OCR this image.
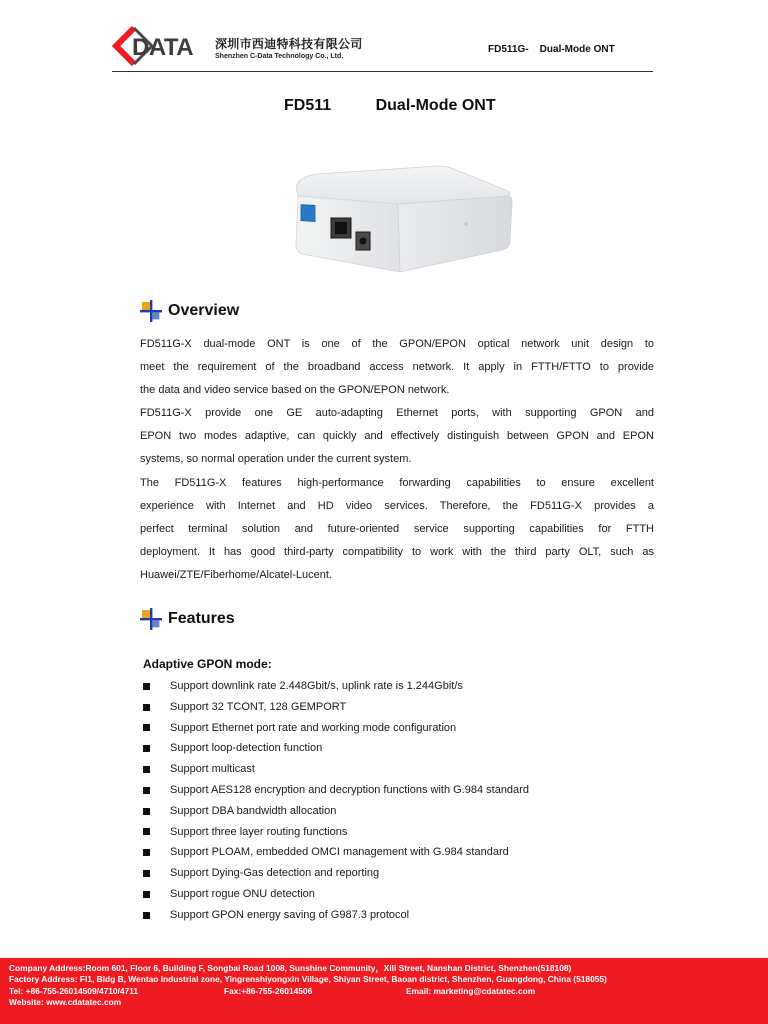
DATA 深圳市西迪特科技有限公司
Shenzhen C-Data Technology Co., Ltd.
FD511G-    Dual-Mode ONT
FD511          Dual-Mode ONT
Overview
FD511G-X dual-mode ONT is one of the GPON/EPON optical network unit design to
meet the requirement of the broadband access network. It apply in FTTH/FTTO to provide
the data and video service based on the GPON/EPON network.
FD511G-X provide one GE auto-adapting Ethernet ports, with supporting GPON and
EPON two modes adaptive, can quickly and effectively distinguish between GPON and EPON
systems, so normal operation under the current system.
The FD511G-X features high-performance forwarding capabilities to ensure excellent
experience with Internet and HD video services. Therefore, the FD511G-X provides a
perfect terminal solution and future-oriented service supporting capabilities for FTTH
deployment. It has good third-party compatibility to work with the third party OLT, such as
Huawei/ZTE/Fiberhome/Alcatel-Lucent.
Features
Adaptive GPON mode:
Support downlink rate 2.448Gbit/s, uplink rate is 1.244Gbit/s
Support 32 TCONT, 128 GEMPORT
Support Ethernet port rate and working mode configuration
Support loop-detection function
Support multicast
Support AES128 encryption and decryption functions with G.984 standard
Support DBA bandwidth allocation
Support three layer routing functions
Support PLOAM, embedded OMCI management with G.984 standard
Support Dying-Gas detection and reporting
Support rogue ONU detection
Support GPON energy saving of G987.3 protocol
Company Address:Room 601, Floor 6, Building F, Songbai Road 1008, Sunshine Community，Xili Street, Nanshan District, Shenzhen(518108)
Factory Address: Fl1, Bldg B, Wentao Industrial zone, Yingrenshiyongxin Village, Shiyan Street, Baoan district, Shenzhen, Guangdong, China (518055)
Tel: +86-755-26014509/4710/4711	Fax:+86-755-26014506	Email: marketing@cdatatec.com
Website: www.cdatatec.com
